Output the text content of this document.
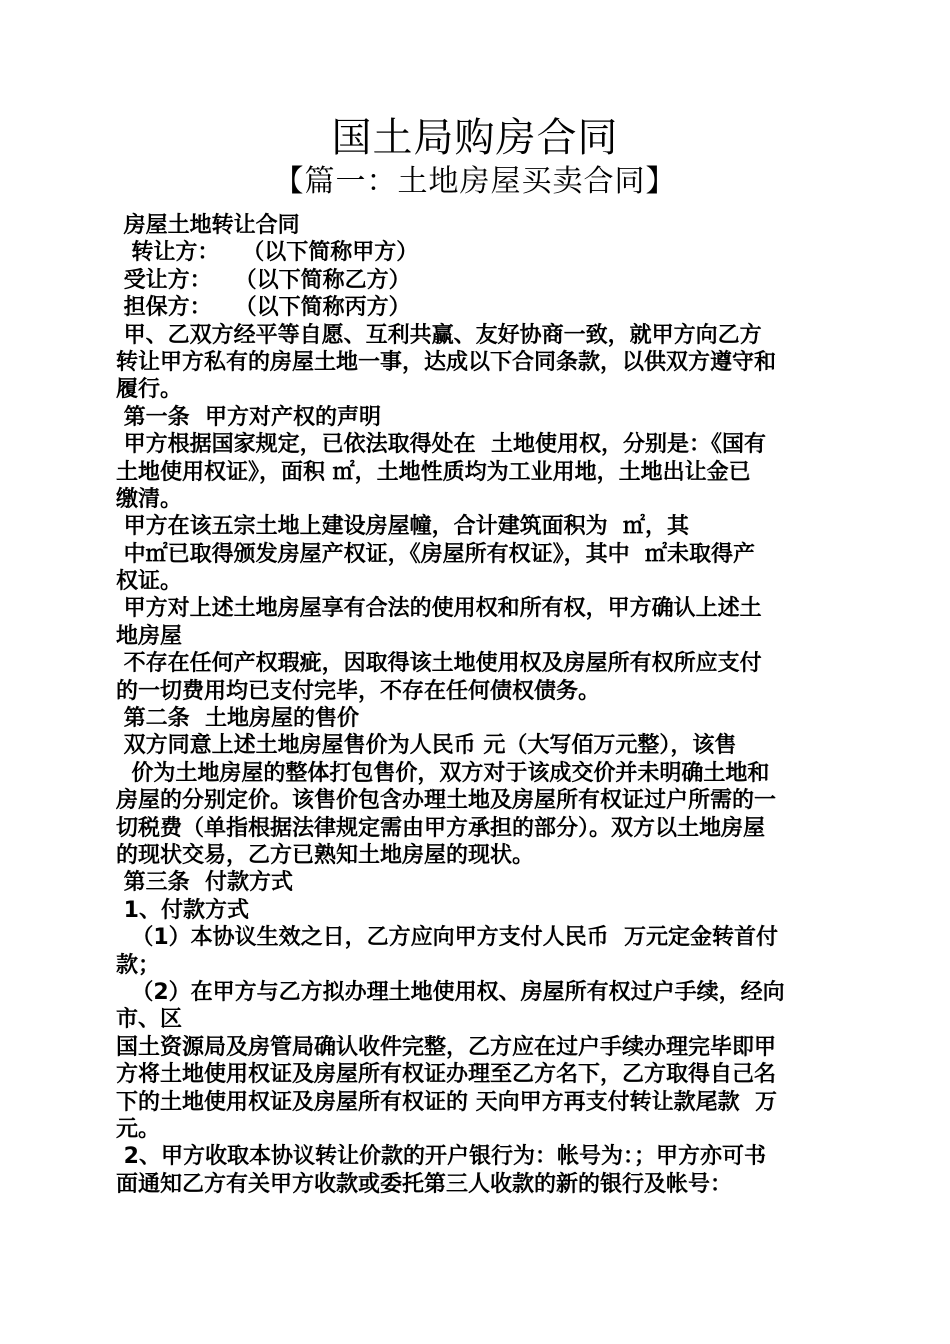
国土局购房合同
【篇一：土地房屋买卖合同】
房屋土地转让合同
转让方：   （以下简称甲方）
受让方：   （以下简称乙方）
担保方：   （以下简称丙方）
甲、乙双方经平等自愿、互利共赢、友好协商一致，就甲方向乙方
转让甲方私有的房屋土地一事，达成以下合同条款，以供双方遵守和
履行。
第一条  甲方对产权的声明
甲方根据国家规定，已依法取得处在  土地使用权，分别是：《国有
土地使用权证》，面积 ㎡，土地性质均为工业用地，土地出让金已
缴清。
甲方在该五宗土地上建设房屋幢，合计建筑面积为  ㎡，其
中㎡已取得颁发房屋产权证，《房屋所有权证》，其中  ㎡未取得产
权证。
甲方对上述土地房屋享有合法的使用权和所有权，甲方确认上述土
地房屋
不存在任何产权瑕疵，因取得该土地使用权及房屋所有权所应支付
的一切费用均已支付完毕，不存在任何债权债务。
第二条  土地房屋的售价
双方同意上述土地房屋售价为人民币 元（大写佰万元整），该售
价为土地房屋的整体打包售价，双方对于该成交价并未明确土地和
房屋的分别定价。该售价包含办理土地及房屋所有权证过户所需的一
切税费（单指根据法律规定需由甲方承担的部分）。双方以土地房屋
的现状交易，乙方已熟知土地房屋的现状。
第三条  付款方式
1、付款方式
（1）本协议生效之日，乙方应向甲方支付人民币  万元定金转首付
款；
（2）在甲方与乙方拟办理土地使用权、房屋所有权过户手续，经向
市、区
国土资源局及房管局确认收件完整，乙方应在过户手续办理完毕即甲
方将土地使用权证及房屋所有权证办理至乙方名下，乙方取得自己名
下的土地使用权证及房屋所有权证的 天向甲方再支付转让款尾款  万
元。
2、甲方收取本协议转让价款的开户银行为：帐号为：；甲方亦可书
面通知乙方有关甲方收款或委托第三人收款的新的银行及帐号：
